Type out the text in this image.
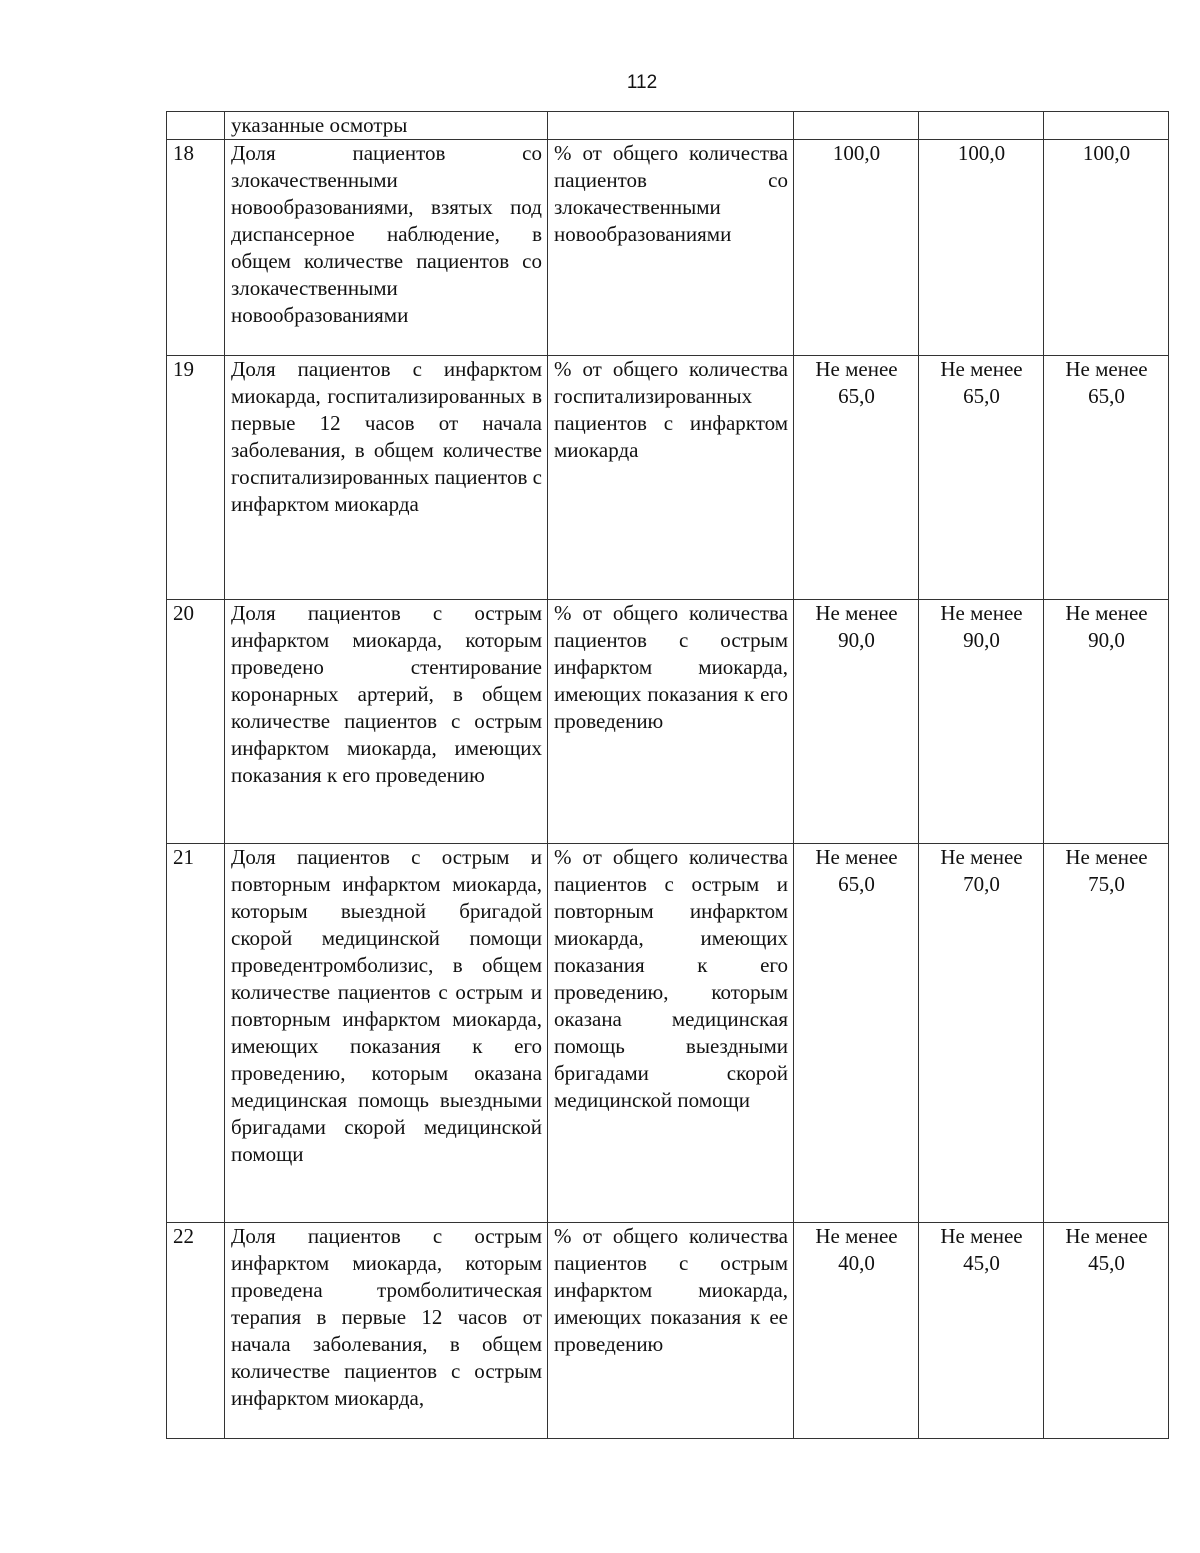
112
	указанные осмотры				
18	Доля пациентов со злокачественными новообразованиями, взятых под диспансерное наблюдение, в общем количестве пациентов со злокачественными новообразованиями	% от общего количества пациентов со злокачественными новообразованиями	100,0	100,0	100,0
19	Доля пациентов с инфарктом миокарда, госпитализированных в первые 12 часов от начала заболевания, в общем количестве госпитализированных пациентов с инфарктом миокарда	% от общего количества госпитализированных пациентов с инфарктом миокарда	Не менее 65,0	Не менее 65,0	Не менее 65,0
20	Доля пациентов с острым инфарктом миокарда, которым проведено стентирование коронарных артерий, в общем количестве пациентов с острым инфарктом миокарда, имеющих показания к его проведению	% от общего количества пациентов с острым инфарктом миокарда, имеющих показания к его проведению	Не менее 90,0	Не менее 90,0	Не менее 90,0
21	Доля пациентов с острым и повторным инфарктом миокарда, которым выездной бригадой скорой медицинской помощи проведентромболизис, в общем количестве пациентов с острым и повторным инфарктом миокарда, имеющих показания к его проведению, которым оказана медицинская помощь выездными бригадами скорой медицинской помощи	% от общего количества пациентов с острым и повторным инфарктом миокарда, имеющих показания к его проведению, которым оказана медицинская помощь выездными бригадами скорой медицинской помощи	Не менее 65,0	Не менее 70,0	Не менее 75,0
22	Доля пациентов с острым инфарктом миокарда, которым проведена тромболитическая терапия в первые 12 часов от начала заболевания, в общем количестве пациентов с острым инфарктом миокарда,	% от общего количества пациентов с острым инфарктом миокарда, имеющих показания к ее проведению	Не менее 40,0	Не менее 45,0	Не менее 45,0
